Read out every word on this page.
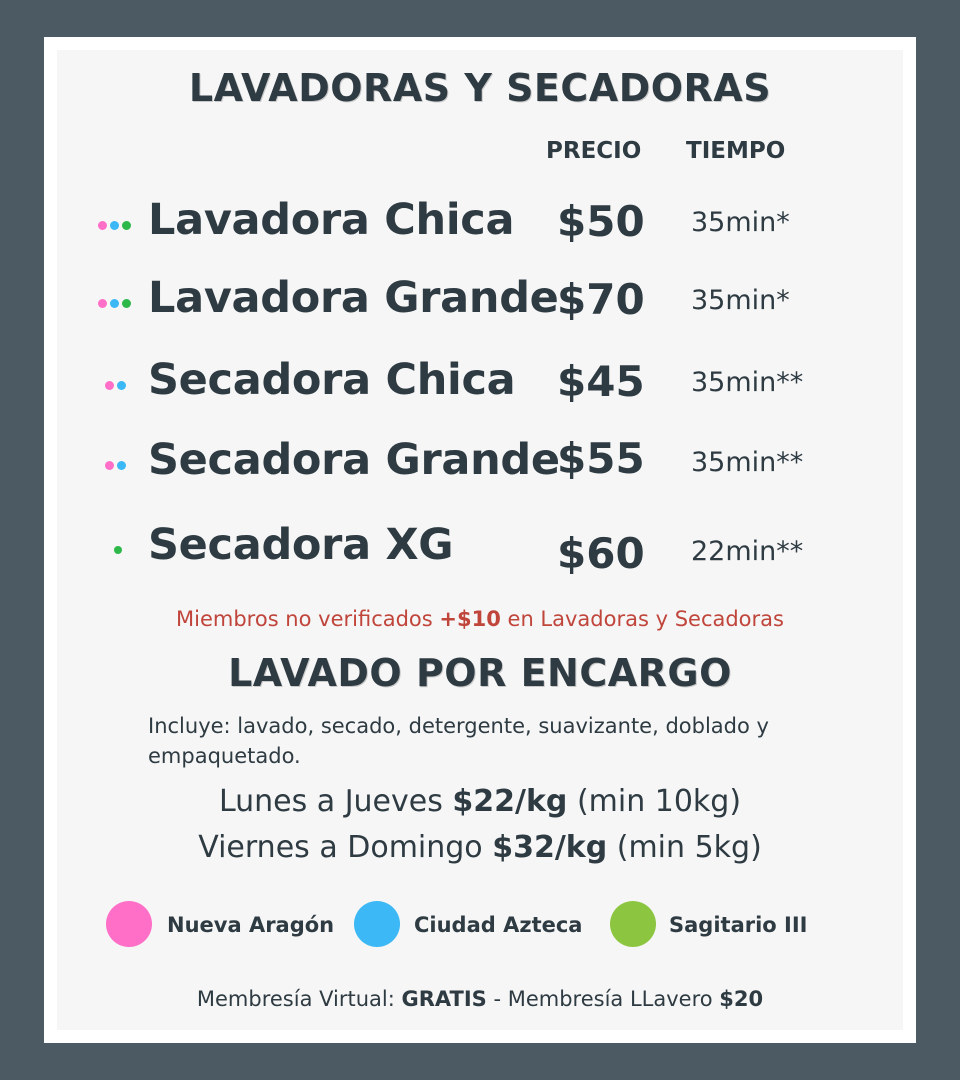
LAVADORAS Y SECADORAS
PRECIO TIEMPO
Lavadora Chica $50 35min*
Lavadora Grande
$70 35min*
Secadora Chica $45 35min**
Secadora Grande
$55 35min**
Secadora XG $60 22min**
Miembros no verificados +$10 en Lavadoras y Secadoras
LAVADO POR ENCARGO
Incluye: lavado, secado, detergente, suavizante, doblado y empaquetado.
Lunes a Jueves $22/kg (min 10kg)
Viernes a Domingo $32/kg (min 5kg)
Nueva Aragón	Ciudad Azteca	Sagitario III
Membresía Virtual: GRATIS - Membresía LLavero $20
